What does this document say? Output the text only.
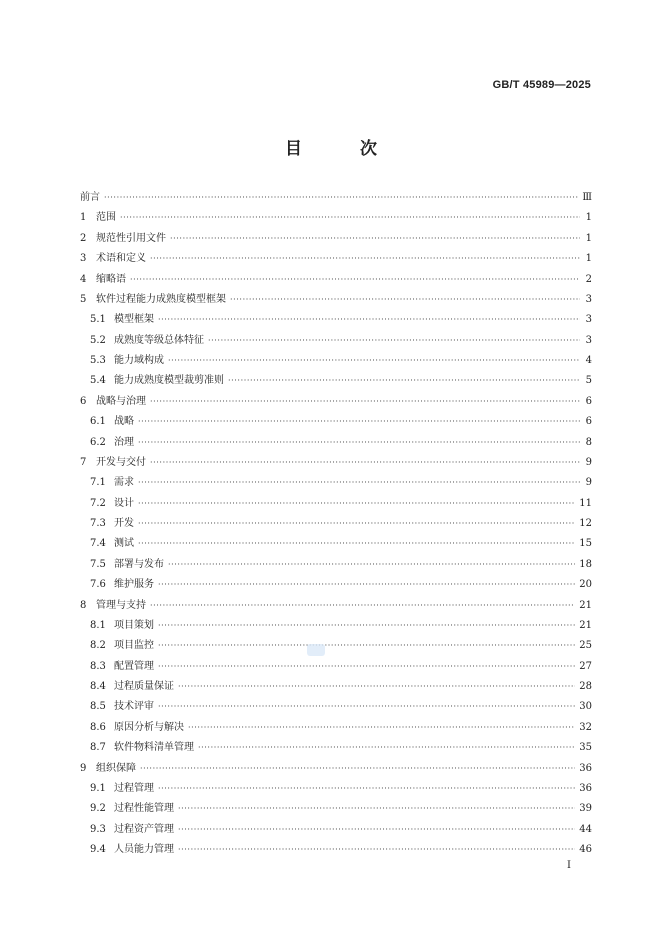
GB/T 45989—2025
目 次
前言 ·····	Ⅲ
1 范围 ·····	1
2 规范性引用文件 ·····	1
3 术语和定义 ·····	1
4 缩略语 ·····	2
5 软件过程能力成熟度模型框架 ·····	3
5.1 模型框架 ·····	3
5.2 成熟度等级总体特征 ·····	3
5.3 能力域构成 ·····	4
5.4 能力成熟度模型裁剪准则 ·····	5
6 战略与治理 ·····	6
6.1 战略 ·····	6
6.2 治理 ·····	8
7 开发与交付 ·····	9
7.1 需求 ·····	9
7.2 设计 ·····	11
7.3 开发 ·····	12
7.4 测试 ·····	15
7.5 部署与发布 ·····	18
7.6 维护服务 ·····	20
8 管理与支持 ·····	21
8.1 项目策划 ·····	21
8.2 项目监控 ·····	25
8.3 配置管理 ·····	27
8.4 过程质量保证 ·····	28
8.5 技术评审 ·····	30
8.6 原因分析与解决 ·····	32
8.7 软件物料清单管理 ·····	35
9 组织保障 ·····	36
9.1 过程管理 ·····	36
9.2 过程性能管理 ·····	39
9.3 过程资产管理 ·····	44
9.4 人员能力管理 ·····	46
Ⅰ
